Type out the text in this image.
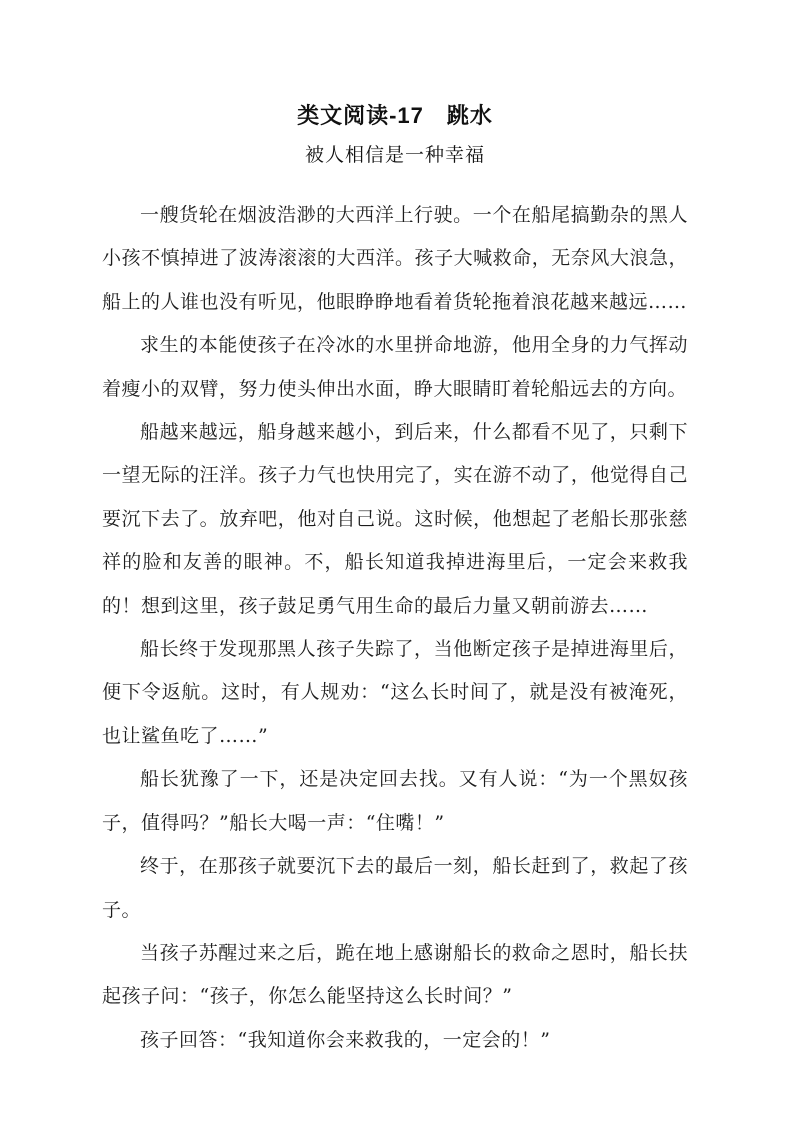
类文阅读-17　跳水
被人相信是一种幸福

一艘货轮在烟波浩渺的大西洋上行驶。一个在船尾搞勤杂的黑人小孩不慎掉进了波涛滚滚的大西洋。孩子大喊救命，无奈风大浪急，船上的人谁也没有听见，他眼睁睁地看着货轮拖着浪花越来越远……

求生的本能使孩子在冷冰的水里拼命地游，他用全身的力气挥动着瘦小的双臂，努力使头伸出水面，睁大眼睛盯着轮船远去的方向。

船越来越远，船身越来越小，到后来，什么都看不见了，只剩下一望无际的汪洋。孩子力气也快用完了，实在游不动了，他觉得自己要沉下去了。放弃吧，他对自己说。这时候，他想起了老船长那张慈祥的脸和友善的眼神。不，船长知道我掉进海里后，一定会来救我的！想到这里，孩子鼓足勇气用生命的最后力量又朝前游去……

船长终于发现那黑人孩子失踪了，当他断定孩子是掉进海里后，便下令返航。这时，有人规劝：“这么长时间了，就是没有被淹死，也让鲨鱼吃了……”

船长犹豫了一下，还是决定回去找。又有人说：“为一个黑奴孩子，值得吗？”船长大喝一声：“住嘴！”

终于，在那孩子就要沉下去的最后一刻，船长赶到了，救起了孩子。

当孩子苏醒过来之后，跪在地上感谢船长的救命之恩时，船长扶起孩子问：“孩子，你怎么能坚持这么长时间？”

孩子回答：“我知道你会来救我的，一定会的！”
